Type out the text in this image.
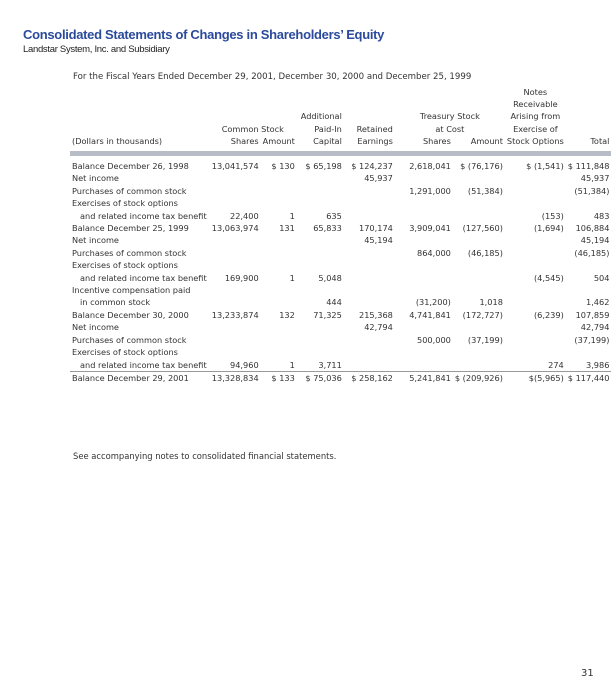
Consolidated Statements of Changes in Shareholders’ Equity
Landstar System, Inc. and Subsidiary
For the Fiscal Years Ended December 29, 2001, December 30, 2000 and December 25, 1999
							Notes	
							Receivable	
			Additional		Treasury Stock		Arising from	
	Common Stock		Paid-In	Retained	at Cost		Exercise of	
(Dollars in thousands)	Shares	Amount	Capital	Earnings	Shares	Amount	Stock Options	Total

Balance December 26, 1998	13,041,574	$ 130	$ 65,198	$ 124,237	2,618,041	$ (76,176)	$ (1,541)	$ 111,848
Net income				45,937				45,937
Purchases of common stock					1,291,000	(51,384)		(51,384)
Exercises of stock options								
and related income tax benefit	22,400	1	635				(153)	483
Balance December 25, 1999	13,063,974	131	65,833	170,174	3,909,041	(127,560)	(1,694)	106,884
Net income				45,194				45,194
Purchases of common stock					864,000	(46,185)		(46,185)
Exercises of stock options								
and related income tax benefit	169,900	1	5,048				(4,545)	504
Incentive compensation paid								
in common stock			444		(31,200)	1,018		1,462
Balance December 30, 2000	13,233,874	132	71,325	215,368	4,741,841	(172,727)	(6,239)	107,859
Net income				42,794				42,794
Purchases of common stock					500,000	(37,199)		(37,199)
Exercises of stock options								
and related income tax benefit	94,960	1	3,711				274	3,986
Balance December 29, 2001	13,328,834	$ 133	$ 75,036	$ 258,162	5,241,841	$ (209,926)	$(5,965)	$ 117,440
See accompanying notes to consolidated financial statements.
31
